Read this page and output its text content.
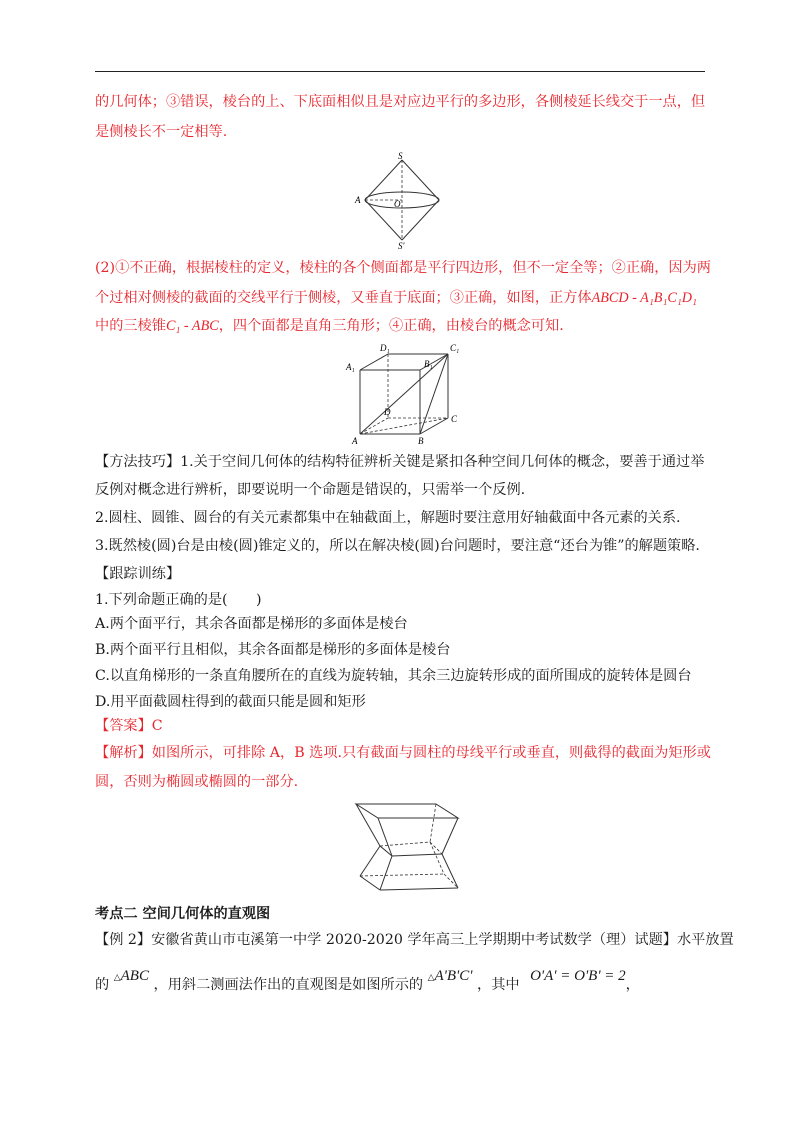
的几何体；③错误，棱台的上、下底面相似且是对应边平行的多边形，各侧棱延长线交于一点，但
是侧棱长不一定相等.
S
A	O
S'
(2)①不正确，根据棱柱的定义，棱柱的各个侧面都是平行四边形，但不一定全等；②正确，因为两
个过相对侧棱的截面的交线平行于侧棱，又垂直于底面；③正确，如图，正方体ABCD - A₁B₁C₁D₁
中的三棱锥C₁ - ABC，四个面都是直角三角形；④正确，由棱台的概念可知.
D₁
B₁
C₁
A₁
D
C
A	B
【方法技巧】1.关于空间几何体的结构特征辨析关键是紧扣各种空间几何体的概念，要善于通过举
反例对概念进行辨析，即要说明一个命题是错误的，只需举一个反例.
2.圆柱、圆锥、圆台的有关元素都集中在轴截面上，解题时要注意用好轴截面中各元素的关系.
3.既然棱(圆)台是由棱(圆)锥定义的，所以在解决棱(圆)台问题时，要注意“还台为锥”的解题策略.
【跟踪训练】
1.下列命题正确的是(　　)
A.两个面平行，其余各面都是梯形的多面体是棱台
B.两个面平行且相似，其余各面都是梯形的多面体是棱台
C.以直角梯形的一条直角腰所在的直线为旋转轴，其余三边旋转形成的面所围成的旋转体是圆台
D.用平面截圆柱得到的截面只能是圆和矩形
【答案】C
【解析】如图所示，可排除 A，B 选项.只有截面与圆柱的母线平行或垂直，则截得的截面为矩形或
圆，否则为椭圆或椭圆的一部分.
考点二 空间几何体的直观图
【例 2】安徽省黄山市屯溪第一中学 2020-2020 学年高三上学期期中考试数学（理）试题】水平放置
的 △ABC ，用斜二测画法作出的直观图是如图所示的 △A'B'C' ，其中 O'A' = O'B' = 2，
